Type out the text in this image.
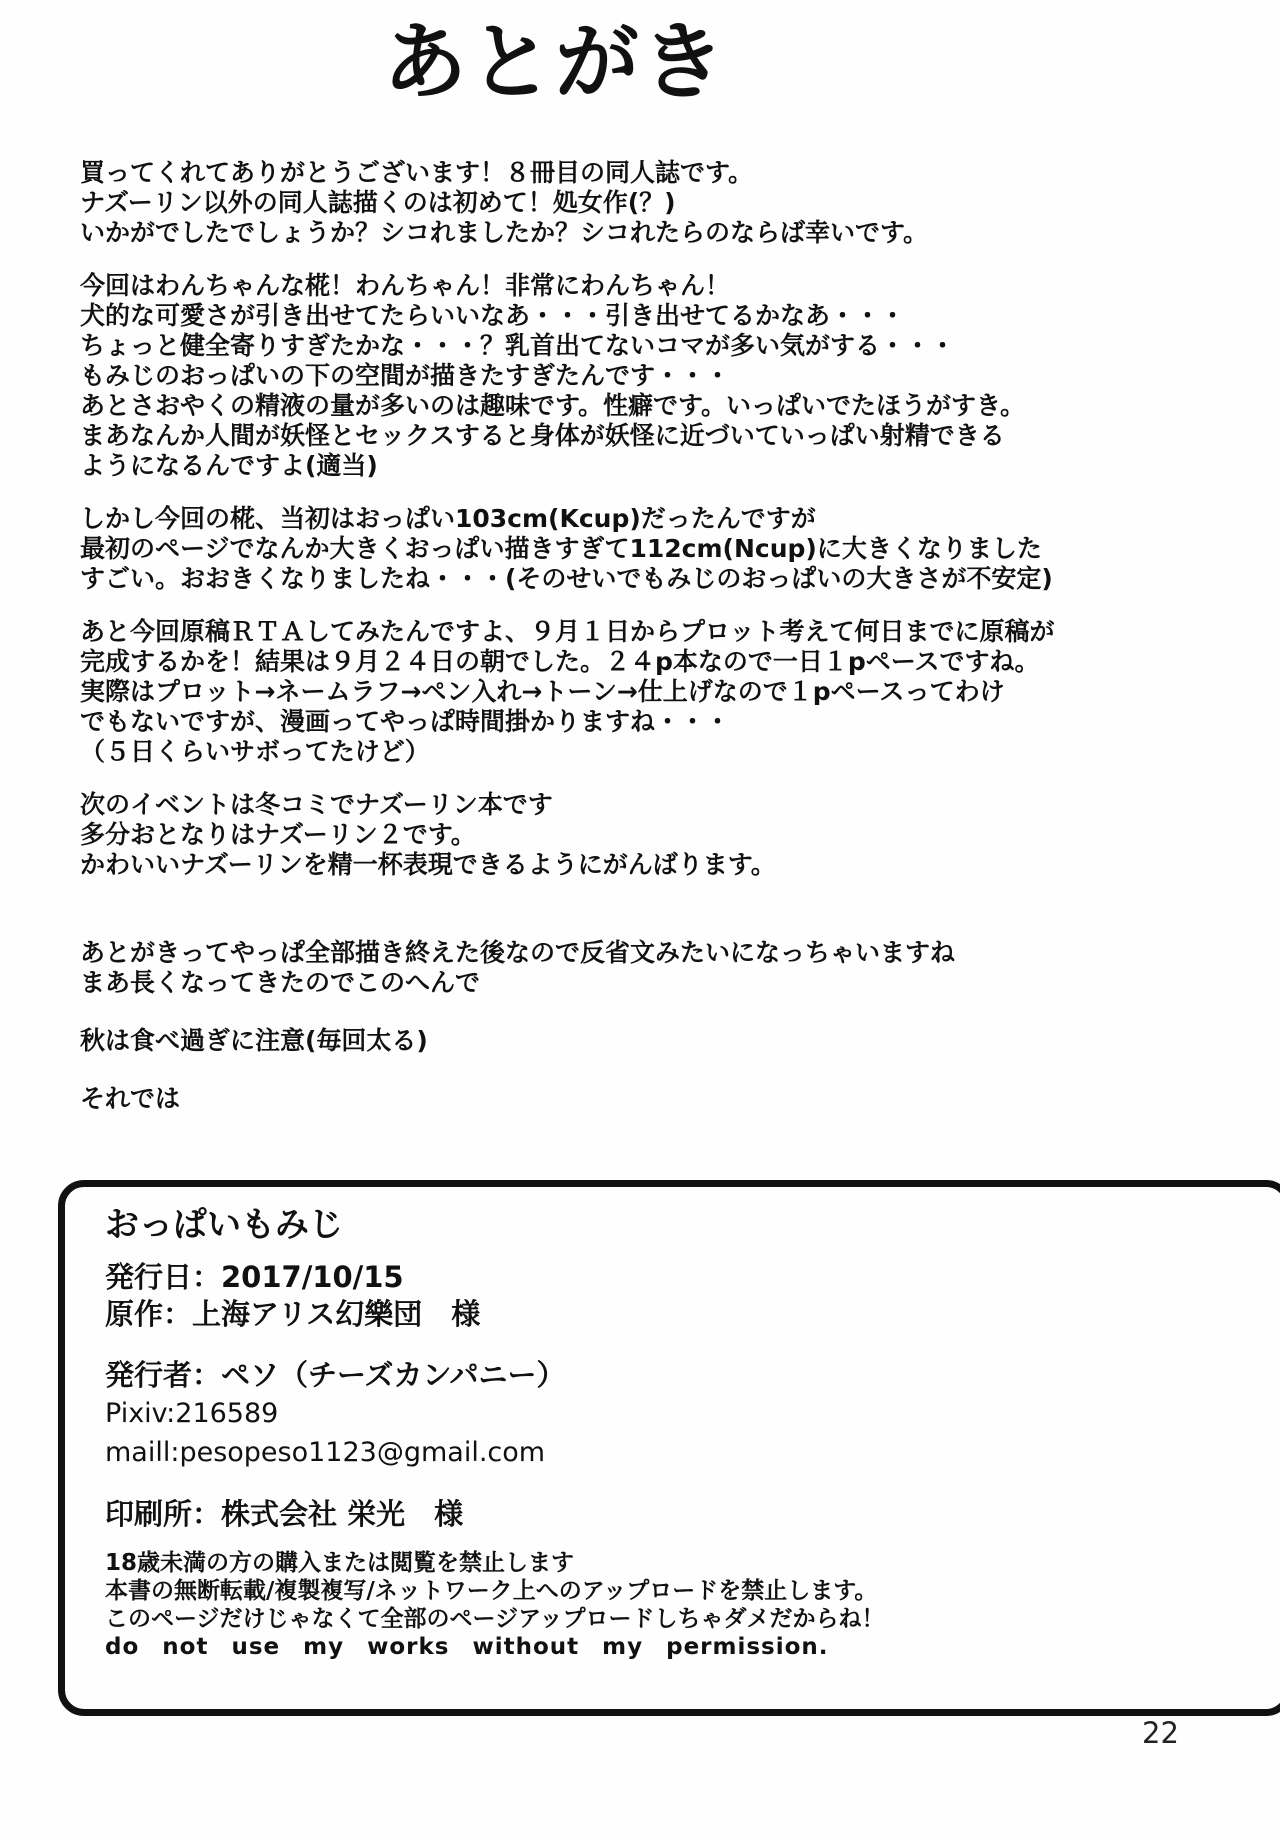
あとがき

買ってくれてありがとうございます！８冊目の同人誌です。
ナズーリン以外の同人誌描くのは初めて！処女作(？)
いかがでしたでしょうか？シコれましたか？シコれたらのならば幸いです。

今回はわんちゃんな椛！わんちゃん！非常にわんちゃん！
犬的な可愛さが引き出せてたらいいなあ・・・引き出せてるかなあ・・・
ちょっと健全寄りすぎたかな・・・？乳首出てないコマが多い気がする・・・
もみじのおっぱいの下の空間が描きたすぎたんです・・・
あとさおやくの精液の量が多いのは趣味です。性癖です。いっぱいでたほうがすき。
まあなんか人間が妖怪とセックスすると身体が妖怪に近づいていっぱい射精できる
ようになるんですよ(適当)

しかし今回の椛、当初はおっぱい103cm(Kcup)だったんですが
最初のページでなんか大きくおっぱい描きすぎて112cm(Ncup)に大きくなりました
すごい。おおきくなりましたね・・・(そのせいでもみじのおっぱいの大きさが不安定)

あと今回原稿ＲＴＡしてみたんですよ、９月１日からプロット考えて何日までに原稿が
完成するかを！結果は９月２４日の朝でした。２４p本なので一日１pペースですね。
実際はプロット→ネームラフ→ペン入れ→トーン→仕上げなので１pペースってわけ
でもないですが、漫画ってやっぱ時間掛かりますね・・・
（５日くらいサボってたけど）

次のイベントは冬コミでナズーリン本です
多分おとなりはナズーリン２です。
かわいいナズーリンを精一杯表現できるようにがんばります。

あとがきってやっぱ全部描き終えた後なので反省文みたいになっちゃいますね
まあ長くなってきたのでこのへんで

秋は食べ過ぎに注意(毎回太る)

それでは

おっぱいもみじ
発行日：2017/10/15
原作：上海アリス幻樂団　様
発行者：ペソ（チーズカンパニー）
Pixiv:216589
maill:pesopeso1123@gmail.com
印刷所：株式会社 栄光　様
18歳未満の方の購入または閲覧を禁止します
本書の無断転載/複製複写/ネットワーク上へのアップロードを禁止します。
このページだけじゃなくて全部のページアップロードしちゃダメだからね！
do not use my works without my permission.
22
